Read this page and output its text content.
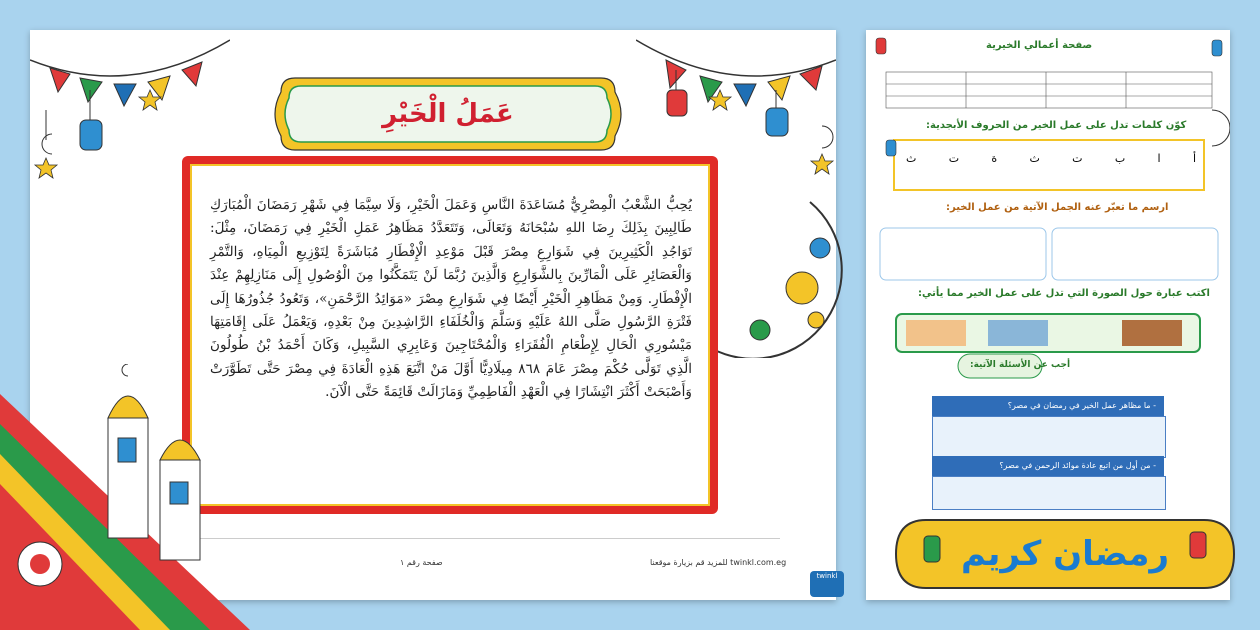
عَمَلُ الْخَيْرِ

يُحِبُّ الشَّعْبُ الْمِصْرِيُّ مُسَاعَدَةَ النَّاسِ وَعَمَلَ الْخَيْرِ، وَلَا سِيَّمَا فِي شَهْرِ رَمَضَانَ الْمُبَارَكِ طَالِبِينَ بِذَلِكَ رِضَا اللهِ سُبْحَانَهُ وَتَعَالَى، وَتَتَعَدَّدُ مَظَاهِرُ عَمَلِ الْخَيْرِ فِي رَمَضَانَ، مِثْلَ: تَوَاجُدِ الْكَثِيرِينَ فِي شَوَارِعِ مِصْرَ قَبْلَ مَوْعِدِ الْإِفْطَارِ مُبَاشَرَةً لِتَوْزِيعِ الْمِيَاهِ، وَالتَّمْرِ وَالْعَصَائِرِ عَلَى الْمَارِّينَ بِالشَّوَارِعِ وَالَّذِينَ رُبَّمَا لَنْ يَتَمَكَّنُوا مِنَ الْوُصُولِ إِلَى مَنَازِلِهِمْ عِنْدَ الْإِفْطَارِ. وَمِنْ مَظَاهِرِ الْخَيْرِ أَيْضًا فِي شَوَارِعِ مِصْرَ «مَوَائِدُ الرَّحْمَنِ»، وَتَعُودُ جُذُورُهَا إِلَى فَتْرَةِ الرَّسُولِ صَلَّى اللهُ عَلَيْهِ وَسَلَّمَ وَالْخُلَفَاءِ الرَّاشِدِينَ مِنْ بَعْدِهِ، وَيَعْمَلُ عَلَى إِقَامَتِهَا مَيْسُورِي الْحَالِ لِإِطْعَامِ الْفُقَرَاءِ وَالْمُحْتَاجِينَ وَعَابِرِي السَّبِيلِ، وَكَانَ أَحْمَدُ بْنُ طُولُونَ الَّذِي تَوَلَّى حُكْمَ مِصْرَ عَامَ ٨٦٨ مِيلَادِيًّا أَوَّلَ مَنْ اتَّبَعَ هَذِهِ الْعَادَةَ فِي مِصْرَ حَتَّى تَطَوَّرَتْ وَأَصْبَحَتْ أَكْثَرَ انْتِشَارًا فِي الْعَهْدِ الْفَاطِمِيِّ وَمَازَالَتْ قَائِمَةً حَتَّى الْآنَ.

للمزيد قم بزيارة موقعنا twinkl.com.eg
صفحة رقم ١
twinkl
صفحة أعمالي الخيرية
كوّن كلمات تدل على عمل الخير من الحروف الأبجدية:
أ
ا
ب
ت
ث
ة
ت
ث
ارسم ما تعبّر عنه الجمل الآتية من عمل الخير:
اكتب عبارة حول الصورة التي تدل على عمل الخير مما يأتي:
أجب عن الأسئلة الآتية:
- ما مظاهر عمل الخير في رمضان في مصر؟
- من أول من اتبع عادة موائد الرحمن في مصر؟
رمضان كريم
